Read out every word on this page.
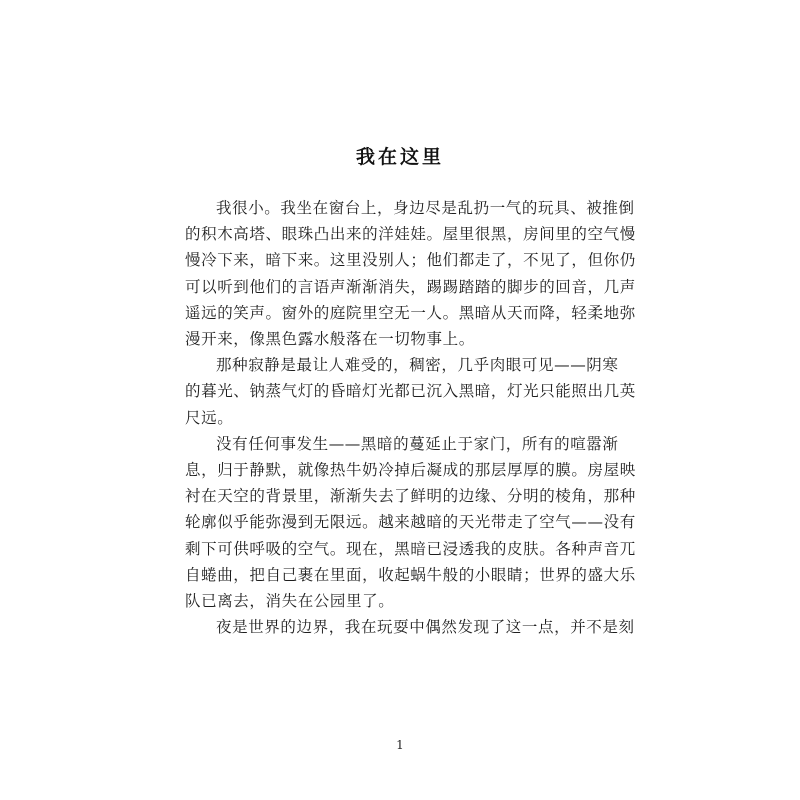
我在这里

我很小。我坐在窗台上，身边尽是乱扔一气的玩具、被推倒
的积木高塔、眼珠凸出来的洋娃娃。屋里很黑，房间里的空气慢
慢冷下来，暗下来。这里没别人；他们都走了，不见了，但你仍
可以听到他们的言语声渐渐消失，踢踢踏踏的脚步的回音，几声
遥远的笑声。窗外的庭院里空无一人。黑暗从天而降，轻柔地弥
漫开来，像黑色露水般落在一切物事上。

那种寂静是最让人难受的，稠密，几乎肉眼可见——阴寒
的暮光、钠蒸气灯的昏暗灯光都已沉入黑暗，灯光只能照出几英
尺远。

没有任何事发生——黑暗的蔓延止于家门，所有的喧嚣渐
息，归于静默，就像热牛奶冷掉后凝成的那层厚厚的膜。房屋映
衬在天空的背景里，渐渐失去了鲜明的边缘、分明的棱角，那种
轮廓似乎能弥漫到无限远。越来越暗的天光带走了空气——没有
剩下可供呼吸的空气。现在，黑暗已浸透我的皮肤。各种声音兀
自蜷曲，把自己裹在里面，收起蜗牛般的小眼睛；世界的盛大乐
队已离去，消失在公园里了。

夜是世界的边界，我在玩耍中偶然发现了这一点，并不是刻

1
